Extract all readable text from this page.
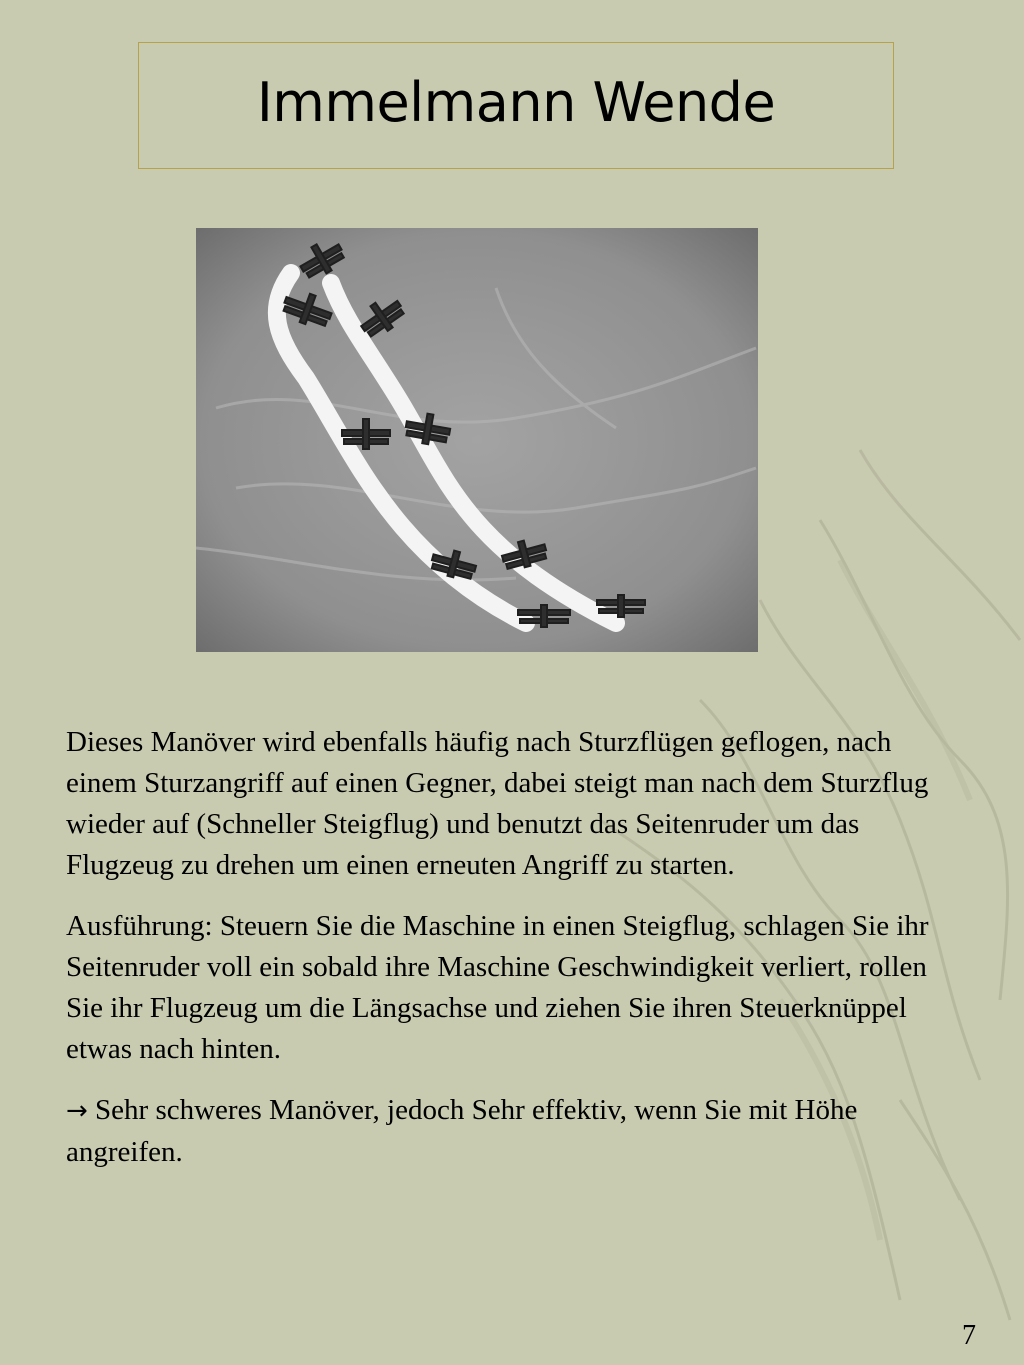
Immelmann Wende

Dieses Manöver wird ebenfalls häufig nach Sturzflügen geflogen, nach einem Sturzangriff auf einen Gegner, dabei steigt man nach dem Sturzflug wieder auf (Schneller Steigflug) und benutzt das Seitenruder um das Flugzeug zu drehen um einen erneuten Angriff zu starten.

Ausführung: Steuern Sie die Maschine in einen Steigflug, schlagen Sie ihr Seitenruder voll ein sobald ihre Maschine Geschwindigkeit verliert, rollen Sie ihr Flugzeug um die Längsachse und ziehen Sie ihren Steuerknüppel etwas nach hinten.

→ Sehr schweres Manöver, jedoch Sehr effektiv, wenn Sie mit Höhe angreifen.

7
